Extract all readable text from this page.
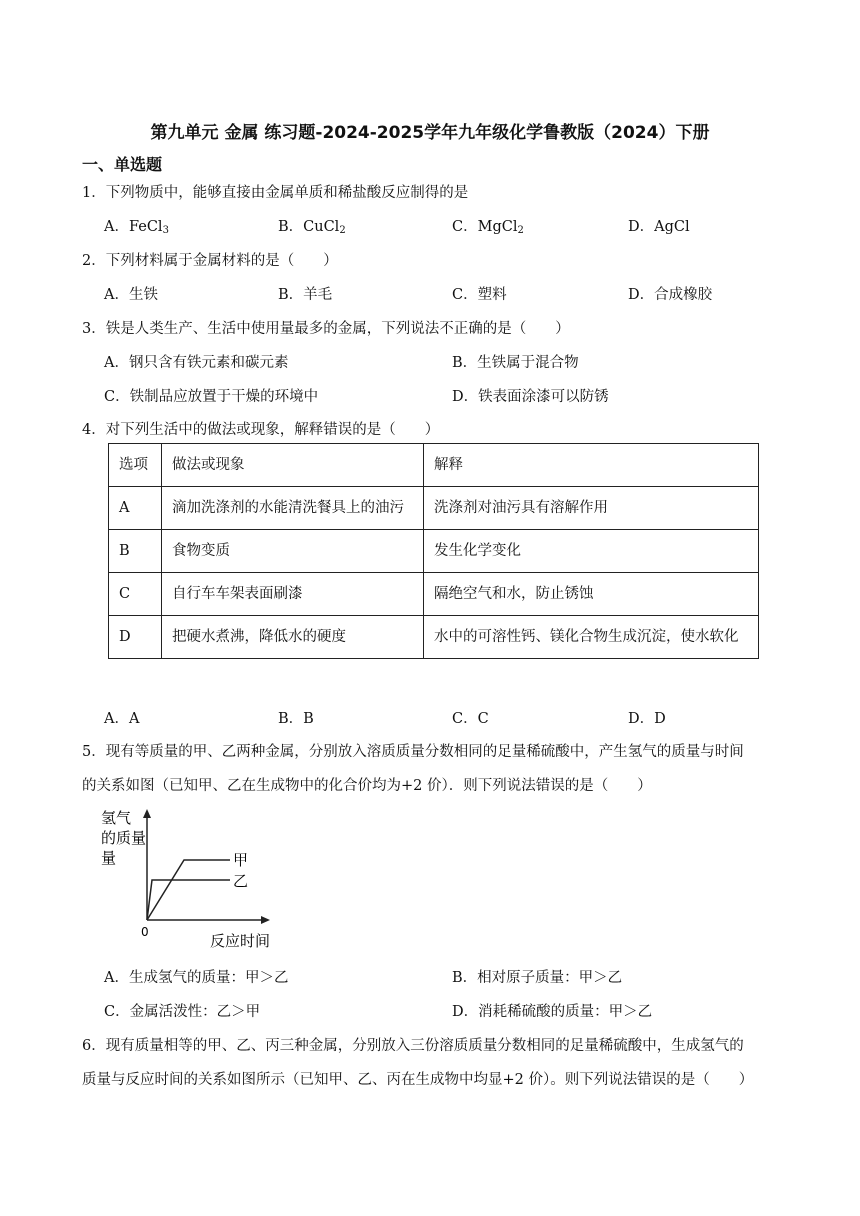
第九单元 金属 练习题-2024-2025学年九年级化学鲁教版（2024）下册
一、单选题
1．下列物质中，能够直接由金属单质和稀盐酸反应制得的是
A．FeCl$_3$	B．CuCl$_2$	C．MgCl$_2$	D．AgCl
2．下列材料属于金属材料的是（　　）
A．生铁	B．羊毛	C．塑料	D．合成橡胶
3．铁是人类生产、生活中使用量最多的金属，下列说法不正确的是（　　）
A．钢只含有铁元素和碳元素	B．生铁属于混合物
C．铁制品应放置于干燥的环境中	D．铁表面涂漆可以防锈
4．对下列生活中的做法或现象，解释错误的是（　　）
选项	做法或现象	解释
A	滴加洗涤剂的水能清洗餐具上的油污	洗涤剂对油污具有溶解作用
B	食物变质	发生化学变化
C	自行车车架表面刷漆	隔绝空气和水，防止锈蚀
D	把硬水煮沸，降低水的硬度	水中的可溶性钙、镁化合物生成沉淀，使水软化
A．A	B．B	C．C	D．D
5．现有等质量的甲、乙两种金属，分别放入溶质质量分数相同的足量稀硫酸中，产生氢气的质量与时间
的关系如图（已知甲、乙在生成物中的化合价均为+2 价）．则下列说法错误的是（　　）
氢气
的质量
量
0	反应时间
甲
乙
A．生成氢气的质量：甲＞乙	B．相对原子质量：甲＞乙
C．金属活泼性：乙＞甲	D．消耗稀硫酸的质量：甲＞乙
6．现有质量相等的甲、乙、丙三种金属，分别放入三份溶质质量分数相同的足量稀硫酸中，生成氢气的
质量与反应时间的关系如图所示（已知甲、乙、丙在生成物中均显+2 价）。则下列说法错误的是（　　）
